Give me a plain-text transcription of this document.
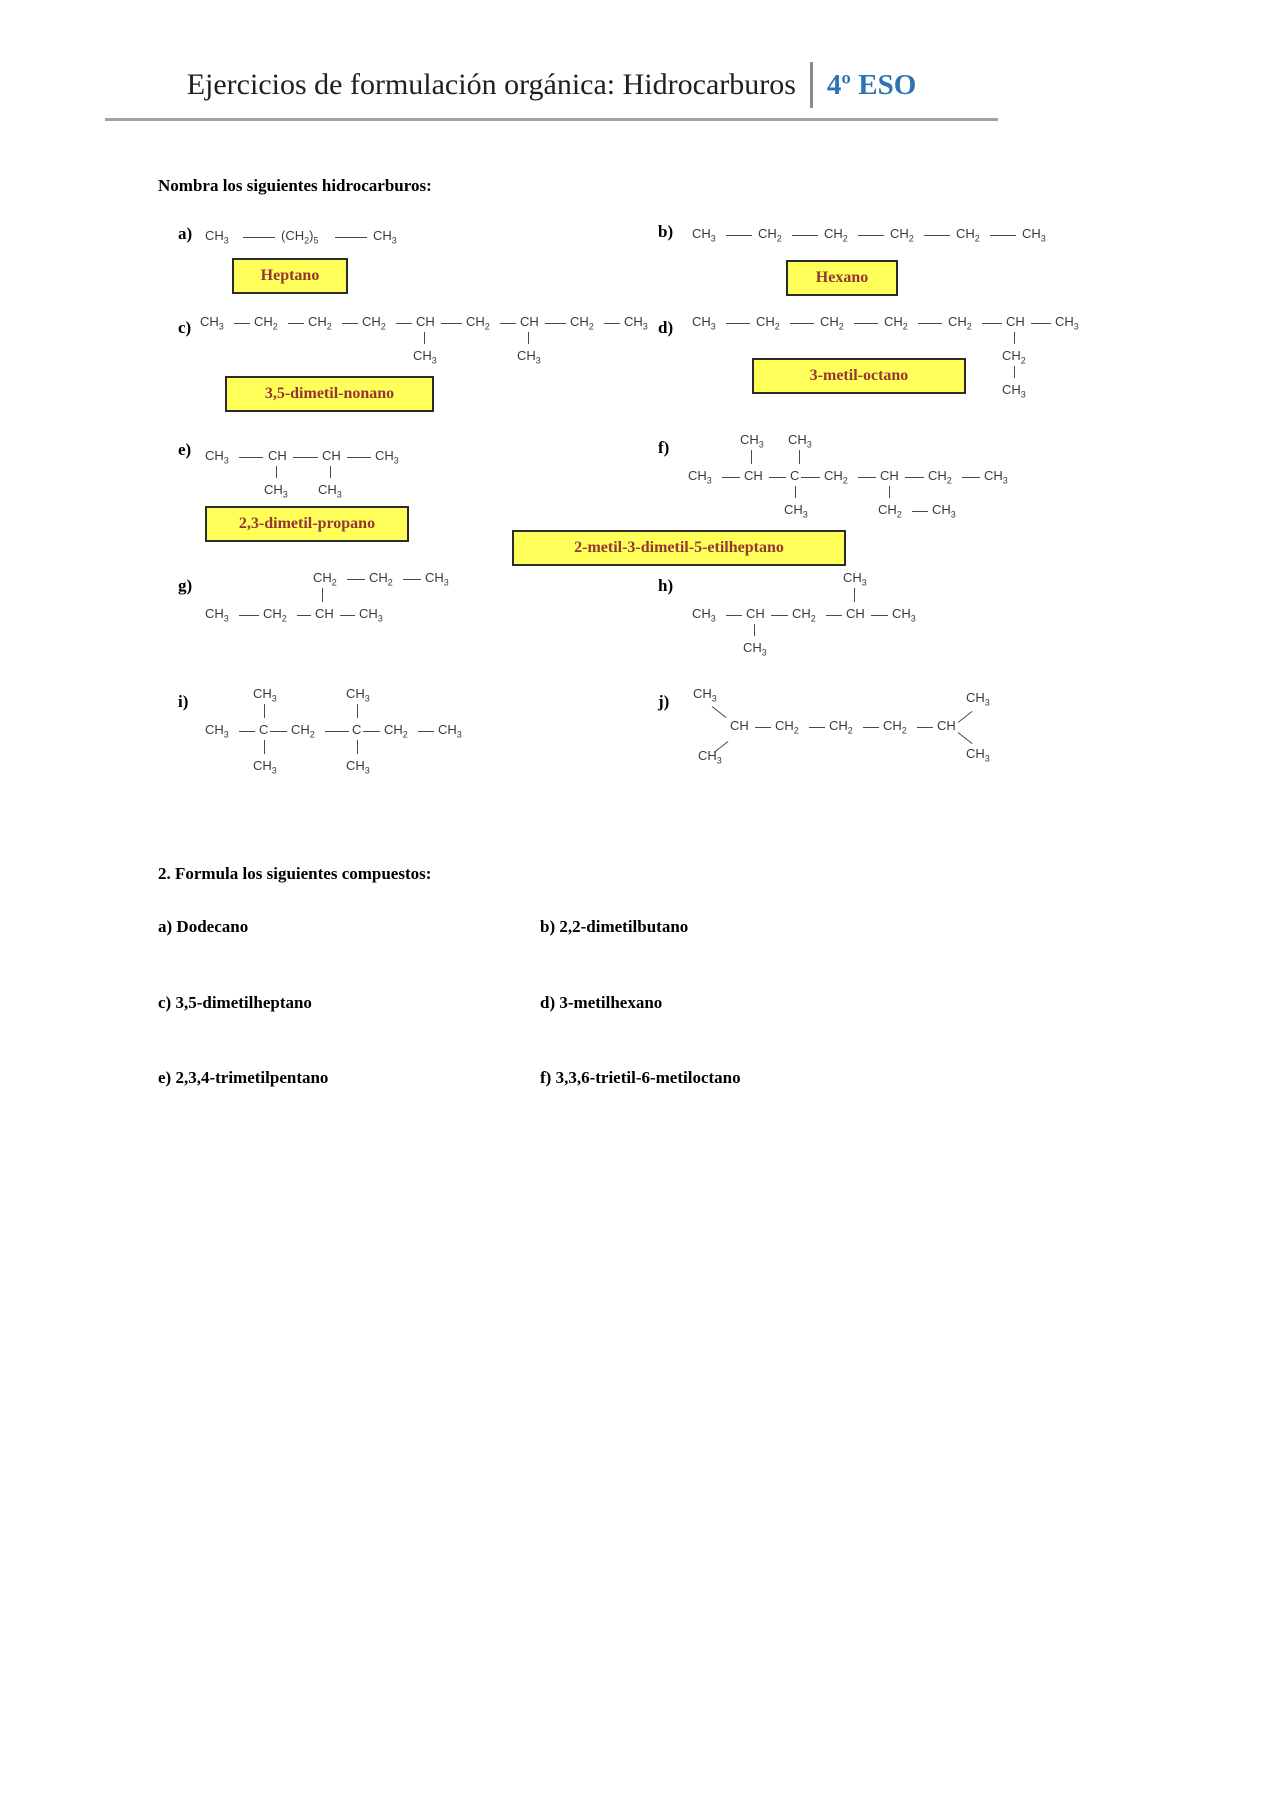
Ejercicios de formulación orgánica: Hidrocarburos 4º ESO
Nombra los siguientes hidrocarburos:
a) $CH_3$	$(CH_2)_5$	$CH_3$
Heptano
b) $CH_3$	$CH_2$	$CH_2$	$CH_2$	$CH_2$	$CH_3$
Hexano
c) $CH_3$ $CH_2$ $CH_2$ $CH_2$ CH $CH_2$ CH $CH_2$ $CH_3$
$CH_3$	$CH_3$
3,5-dimetil-nonano
d) $CH_3$	$CH_2$	$CH_2$	$CH_2$	$CH_2$	CH $CH_3$
$CH_2$
$CH_3$
3-metil-octano
e) $CH_3$	CH	CH	$CH_3$
$CH_3$ $CH_3$
2,3-dimetil-propano
f)	$CH_3$ $CH_3$
$CH_3$ CH C $CH_2$ CH $CH_2$ $CH_3$
$CH_3$	$CH_2$ $CH_3$
2-metil-3-dimetil-5-etilheptano
g)	$CH_2$ $CH_2$ $CH_3$
$CH_3$	$CH_2$ CH $CH_3$
h)	$CH_3$
$CH_3$ CH $CH_2$ CH $CH_3$
$CH_3$
i)	$CH_3$	$CH_3$
$CH_3$ C $CH_2$	C $CH_2$ $CH_3$
$CH_3$	$CH_3$
j) $CH_3$
$CH_3$
CH $CH_2$ $CH_2$ $CH_2$ CH
$CH_3$
$CH_3$
2. Formula los siguientes compuestos:
a) Dodecano	b) 2,2-dimetilbutano
c) 3,5-dimetilheptano	d) 3-metilhexano
e) 2,3,4-trimetilpentano	f) 3,3,6-trietil-6-metiloctano
